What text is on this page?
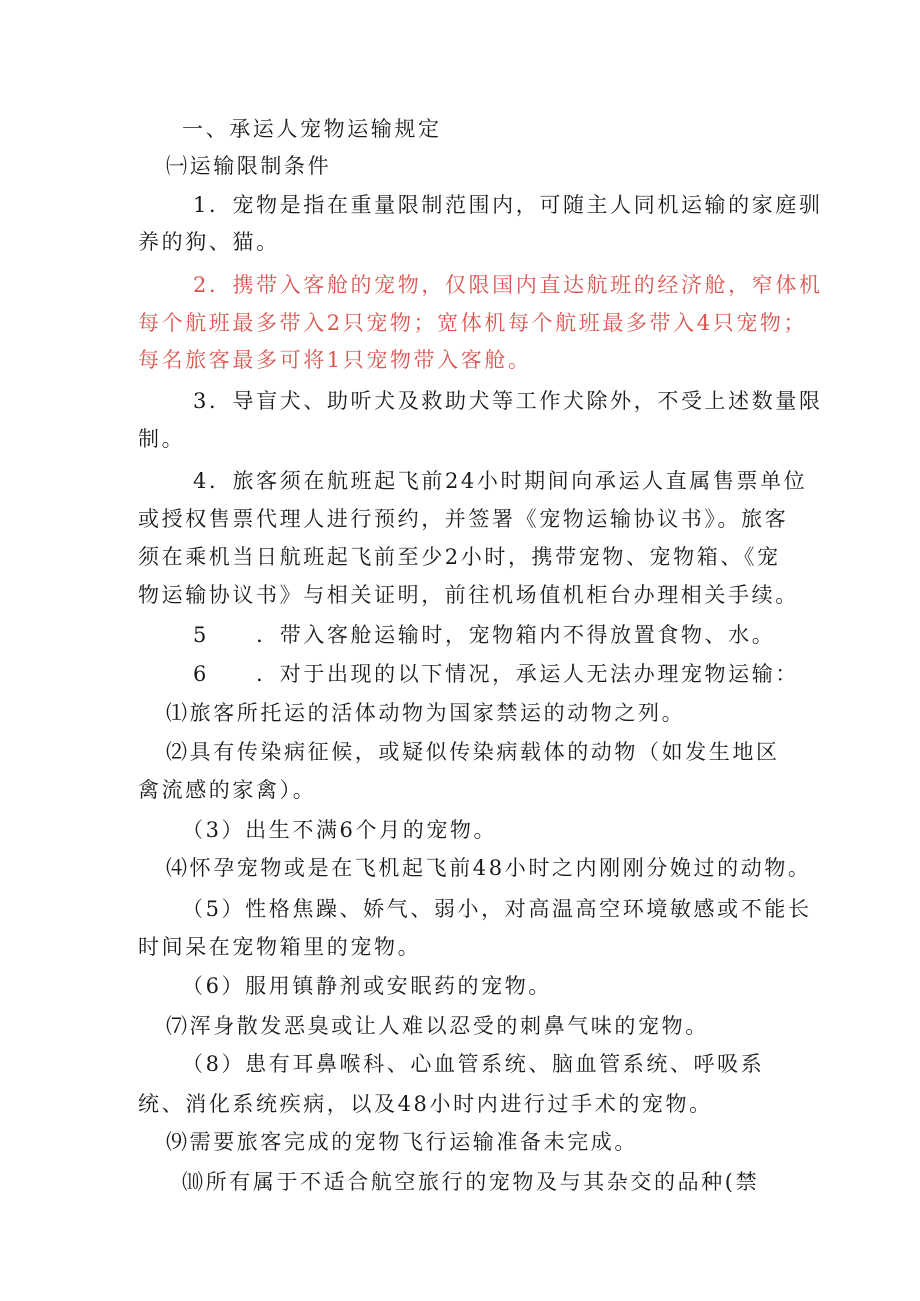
一、承运人宠物运输规定
㈠运输限制条件
1．宠物是指在重量限制范围内，可随主人同机运输的家庭驯
养的狗、猫。
2．携带入客舱的宠物，仅限国内直达航班的经济舱，窄体机
每个航班最多带入2只宠物；宽体机每个航班最多带入4只宠物；
每名旅客最多可将1只宠物带入客舱。
3．导盲犬、助听犬及救助犬等工作犬除外，不受上述数量限
制。
4．旅客须在航班起飞前24小时期间向承运人直属售票单位
或授权售票代理人进行预约，并签署《宠物运输协议书》。旅客
须在乘机当日航班起飞前至少2小时，携带宠物、宠物箱、《宠
物运输协议书》与相关证明，前往机场值机柜台办理相关手续。
5　　．带入客舱运输时，宠物箱内不得放置食物、水。
6　　．对于出现的以下情况，承运人无法办理宠物运输：
⑴旅客所托运的活体动物为国家禁运的动物之列。
⑵具有传染病征候，或疑似传染病载体的动物（如发生地区
禽流感的家禽）。
（3）出生不满6个月的宠物。
⑷怀孕宠物或是在飞机起飞前48小时之内刚刚分娩过的动物。
（5）性格焦躁、娇气、弱小，对高温高空环境敏感或不能长
时间呆在宠物箱里的宠物。
（6）服用镇静剂或安眠药的宠物。
⑺浑身散发恶臭或让人难以忍受的刺鼻气味的宠物。
（8）患有耳鼻喉科、心血管系统、脑血管系统、呼吸系
统、消化系统疾病，以及48小时内进行过手术的宠物。
⑼需要旅客完成的宠物飞行运输准备未完成。
⑽所有属于不适合航空旅行的宠物及与其杂交的品种(禁
